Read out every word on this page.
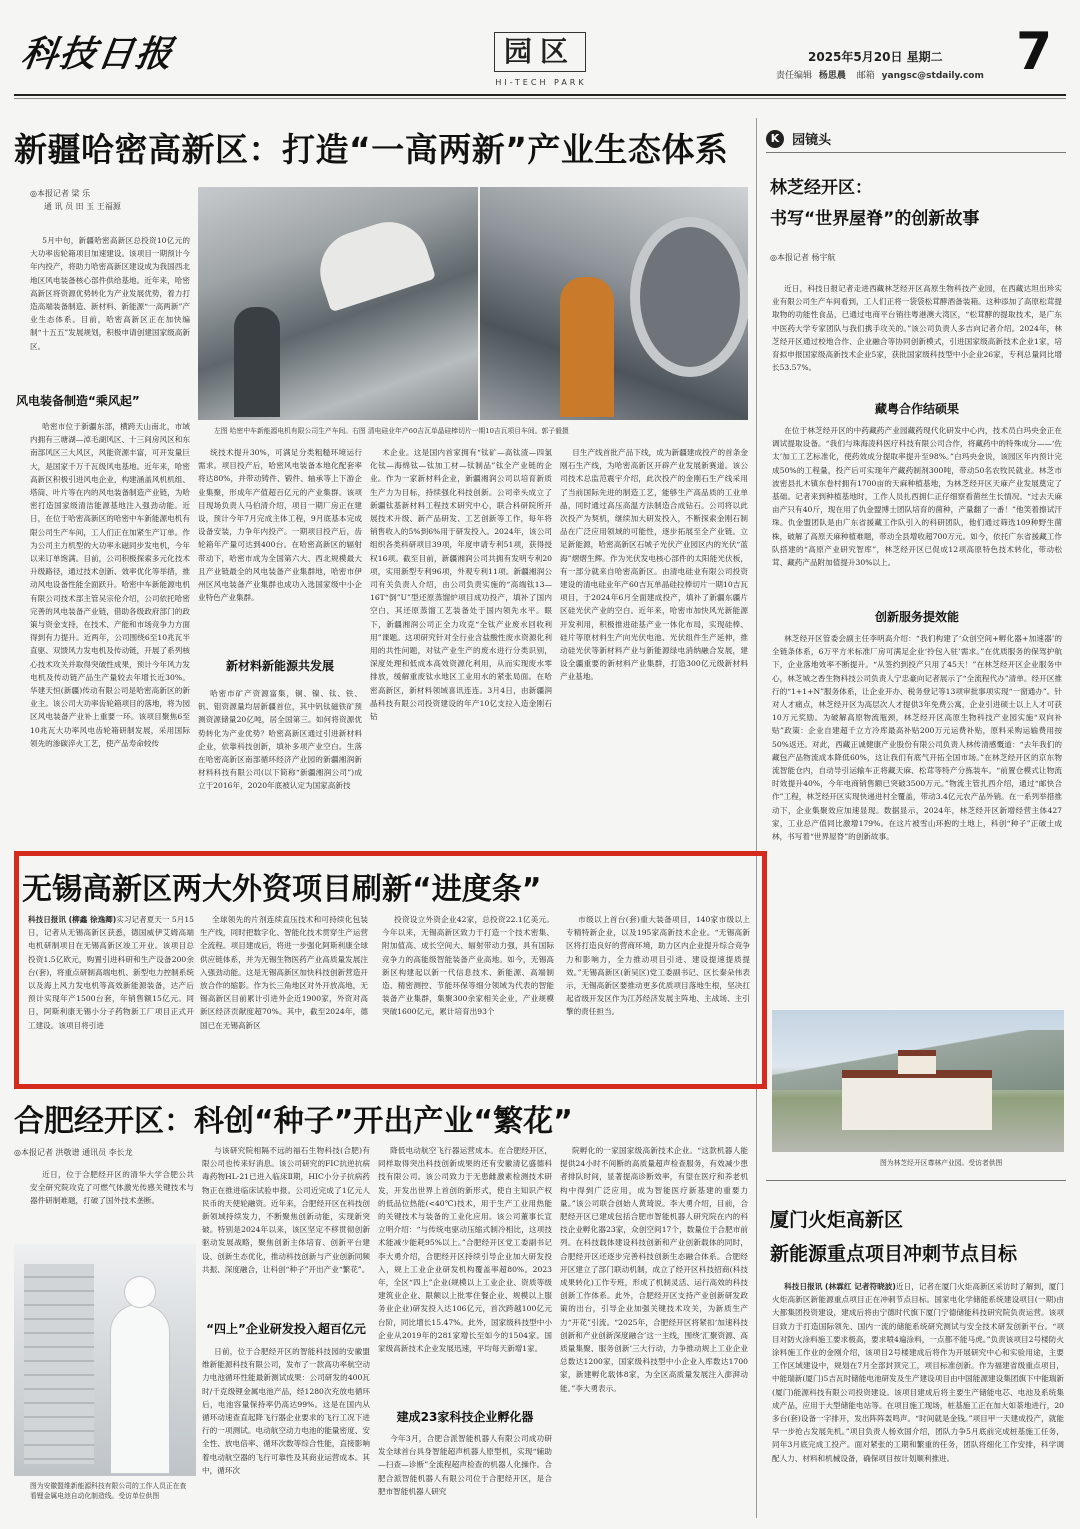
科技日报	园区
HI-TECH PARK
2025年5月20日 星期二
责任编辑 杨思晨 邮箱 yangsc@stdaily.com 7
新疆哈密高新区：打造“一高两新”产业生态体系
◎本报记者 梁 乐
通 讯 员 田 玉 王福源
5月中旬，新疆哈密高新区总投资10亿元的大功率齿轮箱项目加速建设。该项目一期预计今年内投产，将助力哈密高新区建设成为我国西北地区风电装备核心部件供给基地。近年来，哈密高新区将资源优势转化为产业发展优势，着力打造高端装备制造、新材料、新能源“一高两新”产业生态体系。目前，哈密高新区正在加快编制“十五五”发展规划，积极申请创建国家级高新区。
风电装备制造“乘风起”
哈密市位于新疆东部，横跨天山南北，市域内拥有三塘湖—淖毛湖风区、十三间房风区和东南部风区三大风区，风能资源丰富，可开发量巨大，是国家千万千瓦级风电基地。近年来，哈密高新区积极引进风电企业，构建涵盖风机机组、塔筒、叶片等在内的风电装备制造产业链，为哈密打造国家级清洁能源基地注入强劲动能。近日，在位于哈密高新区的哈密中车新能源电机有限公司生产车间，工人们正在加紧生产订单。作为公司主力机型的大功率永磁同步发电机，今年以来订单饱满。目前，公司积极探索多元化技术升级路径，通过技术创新、效率优化等举措，推动风电设备性能全面跃升。哈密中车新能源电机有限公司技术部主管吴宗伦介绍，公司依托哈密完善的风电装备产业链，借助各级政府部门的政策与资金支持，在技术、产能和市场竞争力方面得到有力提升。近两年，公司围绕6至10兆瓦半直驱、双馈风力发电机及传动链，开展了系列核心技术攻关并取得突破性成果，预计今年风力发电机及传动链产品生产量较去年增长近30%。华建天恒(新疆)传动有限公司是哈密高新区的新业主。该公司大功率齿轮箱项目的落地，将为园区风电装备产业补上重要一环。该项目聚焦6至10兆瓦大功率风电齿轮箱研制发展，采用国际领先的渗碳淬火工艺，使产品寿命较传
左图 哈密中车新能源电机有限公司生产车间。右图 清电硅业年产60吉瓦单晶硅棒切片一期10吉瓦项目车间。郭子毅摄
统技术提升30%，可满足分类粗糙环境运行需求。项目投产后，哈密风电装备本地化配套率将达80%，并带动铸件、锻件、轴承等上下游企业集聚，形成年产值超百亿元的产业集群。该项目现场负责人马伯清介绍，项目一期厂房正在建设，预计今年7月完成主体工程，9月底基本完成设备安装，力争年内投产。一期项目投产后，齿轮箱年产量可达到400台。在哈密高新区的辐射带动下，哈密市成为全国第六大、西北规模最大且产业链最全的风电装备产业集群地，哈密市伊州区风电装备产业集群也成功入选国家级中小企业特色产业集群。
新材料新能源共发展
哈密市矿产资源富集，铜、镍、钛、铁、钒、钼资源量均居新疆首位，其中钒钛磁铁矿预测资源储量20亿吨，居全国第三。如何将资源优势转化为产业优势？哈密高新区通过引进新材料企业，依靠科技创新，填补多项产业空白。生落在哈密高新区南部循环经济产业园的新疆湘润新材料科技有限公司(以下简称“新疆湘润公司”)成立于2016年，2020年底被认定为国家高新技
术企业。这是国内首家拥有“钛矿—高钛渣—四氯化钛—海绵钛—钛加工材—钛制品”钛全产业链的企业。作为一家新材料企业，新疆湘润公司以培育新质生产力为目标，持续强化科技创新。公司牵头成立了新疆钛基新材料工程技术研究中心，联合科研院所开展技术升级、新产品研发、工艺创新等工作，每年将销售收入的5%到6%用于研发投入。2024年，该公司组织各类科研项目39项，年度申请专利51项，获得授权16项。截至目前，新疆湘润公司共拥有发明专利20项，实用新型专利96项，外观专利11项。新疆湘润公司有关负责人介绍，由公司负责实施的“高端钛13—16T“倒”U”型还原蒸馏炉项目成功投产，填补了国内空白，其还原蒸馏工艺装备处于国内领先水平。眼下，新疆湘润公司正全力攻克“全钛产业废水回收利用”课题。这项研究针对全行业含盐酸性废水资源化利用的共性问题，对钛产业生产的废水进行分类识别，深度处理和低成本高效资源化利用，从而实现废水零排放，缓解重废钛水地区工业用水的紧张局面。在哈密高新区，新材料领域喜讯连连。3月4日，由新疆润晶科技有限公司投资建设的年产10亿支拉入造金刚石钻
目生产线首批产品下线，成为新疆建成投产的首条金刚石生产线，为哈密高新区开辟产业发展新赛道。该公司技术总监范震宇介绍，此次投产的金刚石生产线采用了当前国际先进的制造工艺，能够生产高品质的工业单晶，同时通过高压高温方法制造合成钻石。公司将以此次投产为契机，继续加大研发投入，不断探索金刚石制品在广泛应用领域的可能性，逐步拓展至全产业链。立足新能源，哈密高新区石城子光伏产业园区内的光伏“蓝海”熠熠生辉。作为光伏发电核心部件的太阳能光伏板，有一部分就来自哈密高新区。由清电硅业有限公司投资建设的清电硅业年产60吉瓦单晶硅拉棒切片一期10吉瓦项目，于2024年6月全面建成投产，填补了新疆东疆片区硅光伏产业的空白。近年来，哈密市加快风光新能源开发利用，积极推进硅基产业一体化布局，实现硅棒、硅片等原材料生产向光伏电池、光伏组件生产延伸，推动硅光伏等新材料产业与新能源绿电消纳融合发展，建设全疆重要的新材料产业集群，打造300亿元级新材料产业基地。
无锡高新区两大外资项目刷新“进度条”
科技日报讯 (柳鑫 徐逸卿)实习记者夏天一 5月15日，记者从无锡高新区获悉，德国威伊艾姆高端电机研制项目在无锡高新区竣工开业。该项目总投资1.5亿欧元，购置引进科研和生产设备200余台(套)，将重点研制高端电机、新型电力控制系统以及海上风力发电机等高效新能源装备，达产后预计实现年产1500台套，年销售额15亿元。同日，阿斯利康无锡小分子药物新工厂项目正式开工建设。该项目将引进
全球领先的片剂连续直压技术和可持续化包装生产线，同时把数字化、智能化技术贯穿生产运营全流程。项目建成后，将进一步强化阿斯利康全球供应链体系，并为无锡生物医药产业高质量发展注入强劲动能。这是无锡高新区加快科技创新营造开放合作的缩影。作为长三角地区对外开放高地，无锡高新区目前累计引进外企近1900家，外资对高新区经济贡献度超70%。其中，截至2024年，德国已在无锡高新区
投资设立外资企业42家，总投资22.1亿美元。今年以来，无锡高新区致力于打造一个技术密集、附加值高、成长空间大、辐射带动力强，具有国际竞争力的高能级智能装备产业高地。如今，无锡高新区构建起以新一代信息技术、新能源、高端制造、精密测控、节能环保等细分领域为代表的智能装备产业集群，集聚300余家相关企业，产业规模突破1600亿元，累计培育出93个
市级以上首台(套)重大装备项目，140家市级以上专精特新企业，以及195家高新技术企业。“无锡高新区将打造良好的营商环境，助力区内企业提升综合竞争力和影响力，全力推动项目引进、建设提速提质提效。”无锡高新区(新吴区)党工委副书记、区长秦朵伟表示，无锡高新区要推动更多优质项目落地生根，坚决扛起省级开发区作为江苏经济发展主阵地、主战场、主引擎的责任担当。
合肥经开区：科创“种子”开出产业“繁花”
◎本报记者 洪敬谱 通讯员 李长龙
近日，位于合肥经开区的清华大学合肥公共安全研究院攻克了可燃气体激光传感关键技术与器件研制难题，打破了国外技术垄断。
图为安徽盟维新能源科技有限公司的工作人员正在查看锂金属电池自动化制造线。受访单位供图
与该研究院相隔不远的福石生物科技(合肥)有限公司也传来好消息。该公司研究的FIC抗逆抗病毒药物HL-21已进入临床Ⅱ期，HIC小分子抗病药物正在推进临床试验申报。公司近完成了1亿元人民币的天使轮融资。近年来，合肥经开区在科技创新领域持续发力，不断聚焦创新动能，实现新突破。特别是2024年以来，该区坚定不移贯彻创新驱动发展战略，聚焦创新主体培育、创新平台建设、创新生态优化，推动科技创新与产业创新同频共振、深度融合，让科创“种子”开出产业“繁花”。
“四上”企业研发投入超百亿元
日前，位于合肥经开区的智能科技园的安徽盟维新能源科技有限公司，发布了一款高功率航空动力电池循环性能最新测试成果：公司研发的400瓦时/千克级锂金属电池产品，经1280次充放电循环后，电池容量保持率仍高达99%。这是在国内从循环动速查直起降飞行器企业要求的飞行工况下进行的一项测试。电动航空动力电池的能量密度、安全性、放电倍率、循环次数等综合性能，直接影响着电动航空器的飞行可靠性及其商业运营成本。其中，循环次
降低电动航空飞行器运营成本。在合肥经开区，同样取得突出科技创新成果的还有安徽清亿盛德科技有限公司。该公司致力于无患雌激素检测技术研发，开发出世界上首创的新形式，使自主知识产权的低品位热能(<40℃)技术，用于生产工业用热能的关键技术与装备的工业化应用。该公司董事长宣立明介绍：“与传统电驱动压缩式制冷相比，这项技术能减少能耗95%以上。”合肥经开区党工委副书记李大勇介绍，合肥经开区持续引导企业加大研发投入，规上工业企业研发机构覆盖率超80%。2023年，全区“四上”企业(规模以上工业企业、资质等级建筑业企业、限额以上批零住餐企业、规模以上服务业企业)研发投入达106亿元，首次跨越100亿元台阶，同比增长15.47%。此外，国家级科技型中小企业从2019年的281家增长至如今的1504家。国家级高新技术企业发展迅速，平均每天新增1家。
建成23家科技企业孵化器
今年3月，合肥合派智能机器人有限公司成功研发全球首台具身智能超声机器人原型机，实现“辅助—扫查—诊断”全流程超声检查的机器人化操作。合肥合派智能机器人有限公司位于合肥经开区，是合肥市智能机器人研究
院孵化的一家国家级高新技术企业。“这款机器人能提供24小时不间断的高质量超声检查服务，有效减少患者排队时间，显著提高诊断效率，有望在医疗和养老机构中得到广泛应用，成为智能医疗新基建的重要力量。”该公司联合创始人黄琦说。李大勇介绍，目前，合肥经开区已建成包括合肥市智能机器人研究院在内的科技企业孵化器23家，众创空间17个，数量位于合肥市前列。在科技载体建设科技创新和产业创新载体的同时，合肥经开区还逐步完善科技创新生态融合体系。合肥经开区建立了部门联动机制，成立了经开区科技招商(科技成果转化)工作专班，形成了机制灵活、运行高效的科技创新工作体系。此外，合肥经开区支持产业创新研发政策的出台，引导企业加强关键技术攻关，为新质生产力“开花”引流。“2025年，合肥经开区将紧扣‘加速科技创新和产业创新深度融合’这一主线，围绕‘汇聚资源、高质量集聚、服务创新’三大行动，力争推动规上工业企业总数达1200家，国家级科技型中小企业入库数达1700家，新建孵化载体8家，为全区高质量发展注入澎湃动能。”李大勇表示。
K 园镜头
林芝经开区：
书写“世界屋脊”的创新故事
◎本报记者 杨宇航
近日，科技日报记者走进西藏林芝经开区高原生物科技产业园，在西藏达坦出珍实业有限公司生产车间看到，工人们正将一袋袋松茸酵酒备装箱。这种添加了高原松茸提取物的功能性食品，已通过电商平台销往粤港澳大湾区，“松茸酵的提取技术，是广东中医药大学专家团队与我们携手攻关的。”该公司负责人多吉向记者介绍。2024年，林芝经开区通过校地合作、企业融合等协同创新模式，引进国家级高新技术企业1家，培育拟申报国家级高新技术企业5家，获批国家级科技型中小企业26家，专利总量同比增长53.57%。
藏粤合作结硕果
在位于林芝经开区的中药藏药产业园藏药现代化研发中心内，技术员白玛央金正在调试提取设备。“我们与珠海凌科医疗科技有限公司合作，将藏药中的特殊成分——‘佐太’加工工艺标准化，使药效成分提取率提升至98%。”白玛央金说，该园区年内预计完成50%的工程量，投产后可实现年产藏药制剂300吨，带动50名农牧民就业。林芝市波密县扎木镇东卷村拥有1700亩的天麻种植基地，为林芝经开区天麻产业发展奠定了基础。记者来到种植基地时，工作人员扎西拥仁正仔细察看菌丝生长情况。“过去天麻亩产只有40斤，现在用了仇金盟博士团队培育的菌种，产量翻了一番！”他笑着擦试汗珠。仇金盟团队是由广东省援藏工作队引入的科研团队，他们通过筛选109种野生菌株，破解了高原天麻种植难题，带动全县增收超700万元。如今，依托广东省援藏工作队搭建的“高原产业研究智库”，林芝经开区已促成12项高原特色技术转化，带动松茸、藏药产品附加值提升30%以上。
创新服务提效能
林芝经开区管委会副主任李明高介绍：“我们构建了‘众创空间+孵化器+加速器’的全链条体系，6万平方米标准厂房可满足企业‘拎包入驻’需求。”在优质服务的保驾护航下，企业落地效率不断提升。“从签约到投产只用了45天！”在林芝经开区企业服务中心，林芝城之香生物科技公司负责人宁忠豪向记者展示了“全流程代办”清单。经开区推行的“1+1+N”服务体系，让企业开办、税务登记等13项审批事项实现“一窗通办”。针对人才痛点，林芝经开区为高层次人才提供3年免费公寓，企业引进硕士以上人才可获10万元奖励。为破解高原物流瓶颈，林芝经开区高原生物科技产业园实施“双向补贴”政策：企业自建超千立方冷库最高补贴200万元运费补贴，原料采购运输费用按50%返还。对此，西藏正诚健康产业股份有限公司负责人林传清感慨道：“去年我们的藏包产品物流成本降低60%，这让我们有底气开拓全国市场。”在林芝经开区的京东物流智能仓内，自动导引运输车正将藏天麻、松茸等特产分拣装车。“前置仓模式让物流时效提升40%，今年电商销售额已突破3500万元。”物流主管扎西介绍，通过“邮快合作”工程，林芝经开区实现快递进村全覆盖，带动3.4亿元农产品外销。在一系列举措推动下，企业集聚效应加速显现。数据显示，2024年，林芝经开区新增经营主体427家，工业总产值同比激增179%。在这片被雪山环抱的土地上，科创“种子”正破土成林，书写着“世界屋脊”的创新故事。
图为林芝经开区尊林产业园。受访者供图
厦门火炬高新区
新能源重点项目冲刺节点目标
科技日报讯 (林霖红 记者符晓波)近日，记者在厦门火炬高新区采访时了解到，厦门火炬高新区新能源重点项目正在冲刺节点目标。国家电化学储能系统建设项目(一期)由大都集团投资建设，建成后将由宁德时代旗下厦门宁德储能科技研究院负责运营。该项目致力于打造国际领先、国内一流的储能系统研究测试与安全技术研发创新平台。“项目对防火涂料施工要求极高，要求喷4遍涂料，一点都不能马虎。”负责该项目2号楼防火涂料施工作业的金刚介绍，该项目2号楼建成后将作为开展研究中心和实验用途，主要工作区域建设中，规划在7月全部封顶完工，项目标准创新。作为福建省级重点项目，中能瑞新(厦门)5吉瓦时储能电池研发及生产建设项目由中国能源建设集团旗下中能瑞新(厦门)能源科技有限公司投资建设。该项目建成后将主要生产储能电芯、电池及系统集成产品，应用于大型储能电站等。在项目施工现场，桩基施工正在加大如荼地进行，20多台(套)设备一字排开，发出阵阵轰鸣声。“时间就是金钱。”项目甲一天建成投产，就能早一步抢占发展先机。”项目负责人杨欢国介绍，团队力争5月底前完成桩基施工任务，同年3月底完成工投产。面对紧张的工期和繁重的任务，团队将细化工作安排，科学调配人力、材料和机械设备，确保项目按计划顺利推进。
